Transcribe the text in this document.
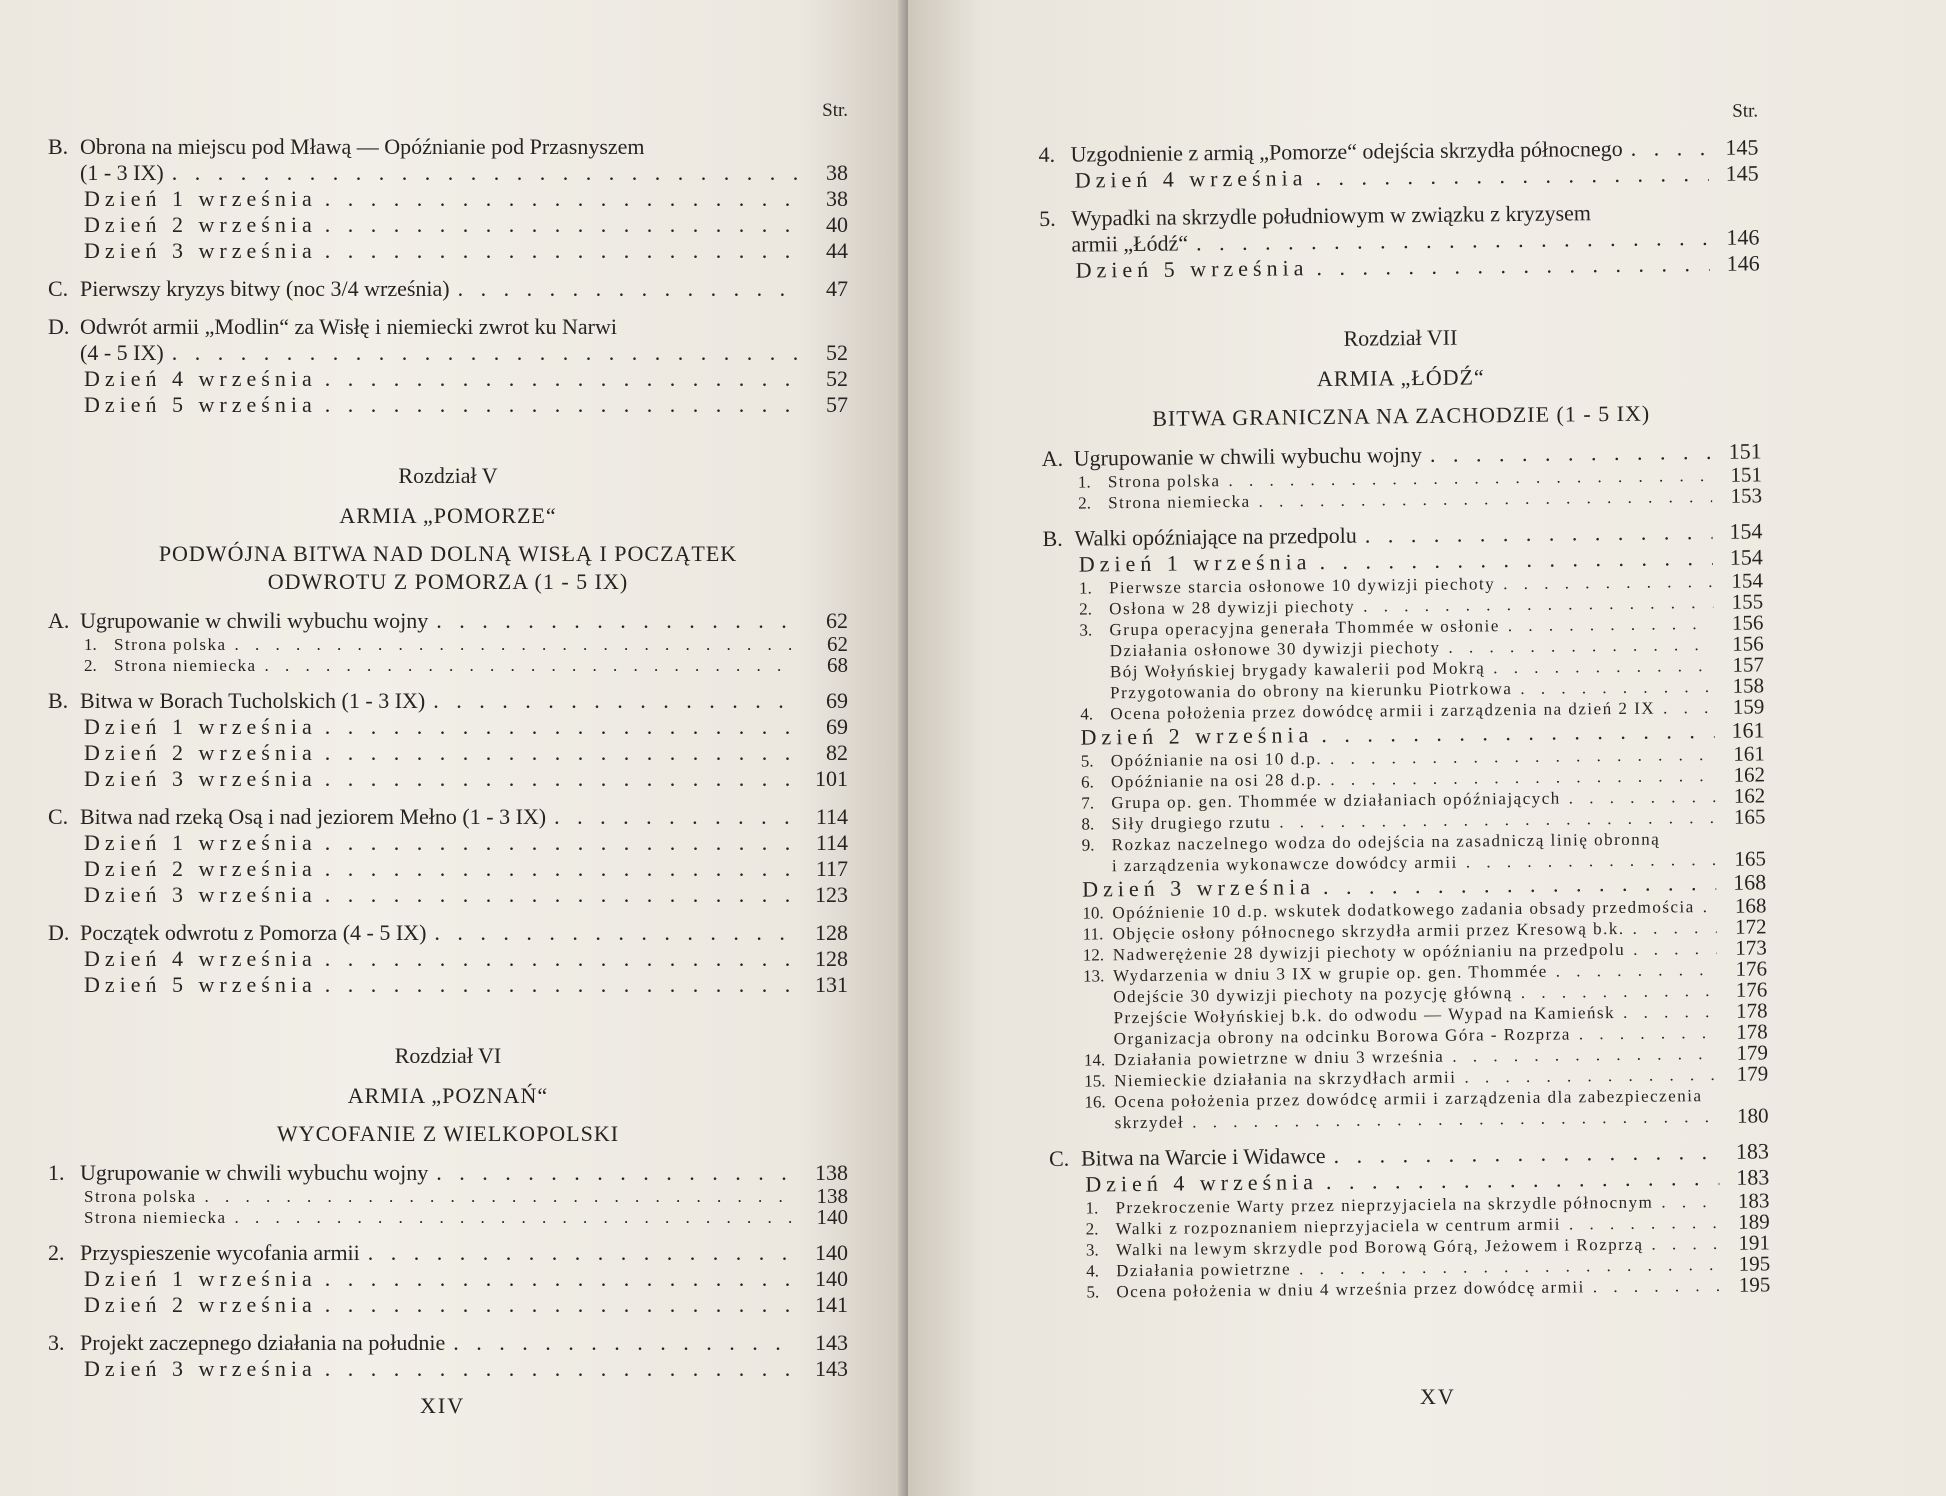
Str.
B. Obrona na miejscu pod Mławą — Opóźnianie pod Przasnyszem
(1 - 3 IX) . . .	38
Dzień 1 września . . .	38
Dzień 2 września . . .	40
Dzień 3 września . . .	44
C. Pierwszy kryzys bitwy (noc 3/4 września) . . .	47
D. Odwrót armii „Modlin“ za Wisłę i niemiecki zwrot ku Narwi
(4 - 5 IX) . . .	52
Dzień 4 września . . .	52
Dzień 5 września . . .	57
Rozdział V
ARMIA „POMORZE“
PODWÓJNA BITWA NAD DOLNĄ WISŁĄ I POCZĄTEK
ODWROTU Z POMORZA (1 - 5 IX)
A. Ugrupowanie w chwili wybuchu wojny . . .	62
1. Strona polska . . .	62
2. Strona niemiecka . . .	68
B. Bitwa w Borach Tucholskich (1 - 3 IX) . . .	69
Dzień 1 września . . .	69
Dzień 2 września . . .	82
Dzień 3 września . . .	101
C. Bitwa nad rzeką Osą i nad jeziorem Mełno (1 - 3 IX) . . .	114
Dzień 1 września . . .	114
Dzień 2 września . . .	117
Dzień 3 września . . .	123
D. Początek odwrotu z Pomorza (4 - 5 IX) . . .	128
Dzień 4 września . . .	128
Dzień 5 września . . .	131
Rozdział VI
ARMIA „POZNAŃ“
WYCOFANIE Z WIELKOPOLSKI
1. Ugrupowanie w chwili wybuchu wojny . . .	138
Strona polska . . .	138
Strona niemiecka . . .	140
2. Przyspieszenie wycofania armii . . .	140
Dzień 1 września . . .	140
Dzień 2 września . . .	141
3. Projekt zaczepnego działania na południe . . .	143
Dzień 3 września . . .	143
XIV
Str.
4. Uzgodnienie z armią „Pomorze“ odejścia skrzydła północnego . . .	145
Dzień 4 września . . .	145
5. Wypadki na skrzydle południowym w związku z kryzysem
armii „Łódź“ . . .	146
Dzień 5 września . . .	146
Rozdział VII
ARMIA „ŁÓDŹ“
BITWA GRANICZNA NA ZACHODZIE (1 - 5 IX)
A. Ugrupowanie w chwili wybuchu wojny . . .	151
1. Strona polska . . .	151
2. Strona niemiecka . . .	153
B. Walki opóźniające na przedpolu . . .	154
Dzień 1 września . . .	154
1. Pierwsze starcia osłonowe 10 dywizji piechoty . . .	154
2. Osłona w 28 dywizji piechoty . . .	155
3. Grupa operacyjna generała Thommée w osłonie . . .	156
Działania osłonowe 30 dywizji piechoty . . .	156
Bój Wołyńskiej brygady kawalerii pod Mokrą . . .	157
Przygotowania do obrony na kierunku Piotrkowa . . .	158
4. Ocena położenia przez dowódcę armii i zarządzenia na dzień 2 IX . . .	159
Dzień 2 września . . .	161
5. Opóźnianie na osi 10 d.p. . . .	161
6. Opóźnianie na osi 28 d.p. . . .	162
7. Grupa op. gen. Thommée w działaniach opóźniających . . .	162
8. Siły drugiego rzutu . . .	165
9. Rozkaz naczelnego wodza do odejścia na zasadniczą linię obronną
i zarządzenia wykonawcze dowódcy armii . . .	165
Dzień 3 września . . .	168
10. Opóźnienie 10 d.p. wskutek dodatkowego zadania obsady przedmościa . . .	168
11. Objęcie osłony północnego skrzydła armii przez Kresową b.k. . . .	172
12. Nadwerężenie 28 dywizji piechoty w opóźnianiu na przedpolu . . .	173
13. Wydarzenia w dniu 3 IX w grupie op. gen. Thommée . . .	176
Odejście 30 dywizji piechoty na pozycję główną . . .	176
Przejście Wołyńskiej b.k. do odwodu — Wypad na Kamieńsk . . .	178
Organizacja obrony na odcinku Borowa Góra - Rozprza . . .	178
14. Działania powietrzne w dniu 3 września . . .	179
15. Niemieckie działania na skrzydłach armii . . .	179
16. Ocena położenia przez dowódcę armii i zarządzenia dla zabezpieczenia
skrzydeł . . .	180
C. Bitwa na Warcie i Widawce . . .	183
Dzień 4 września . . .	183
1. Przekroczenie Warty przez nieprzyjaciela na skrzydle północnym . . .	183
2. Walki z rozpoznaniem nieprzyjaciela w centrum armii . . .	189
3. Walki na lewym skrzydle pod Borową Górą, Jeżowem i Rozprzą . . .	191
4. Działania powietrzne . . .	195
5. Ocena położenia w dniu 4 września przez dowódcę armii . . .	195
XV
